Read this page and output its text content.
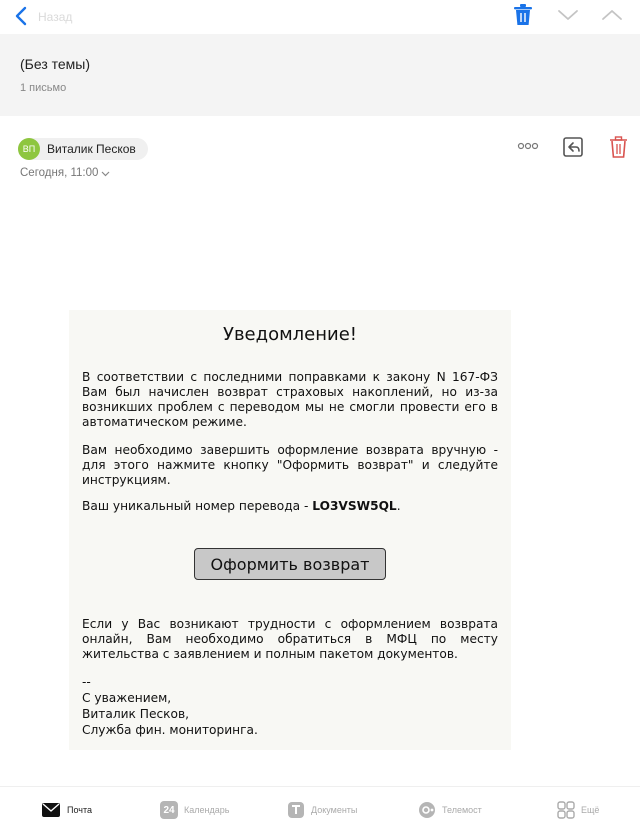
Назад
(Без темы)
1 письмо
ВП Виталик Песков
Сегодня, 11:00
Уведомление!
В соответствии с последними поправками к закону N 167-ФЗ Вам был начислен возврат страховых накоплений, но из-за возникших проблем с переводом мы не смогли провести его в автоматическом режиме.
Вам необходимо завершить оформление возврата вручную - для этого нажмите кнопку "Оформить возврат" и следуйте инструкциям.
Ваш уникальный номер перевода - LO3VSW5QL.
Оформить возврат
Если у Вас возникают трудности с оформлением возврата онлайн, Вам необходимо обратиться в МФЦ по месту жительства с заявлением и полным пакетом документов.
--
С уважением,
Виталик Песков,
Служба фин. мониторинга.
Почта	24	Календарь	Документы	Телемост	Ещё
